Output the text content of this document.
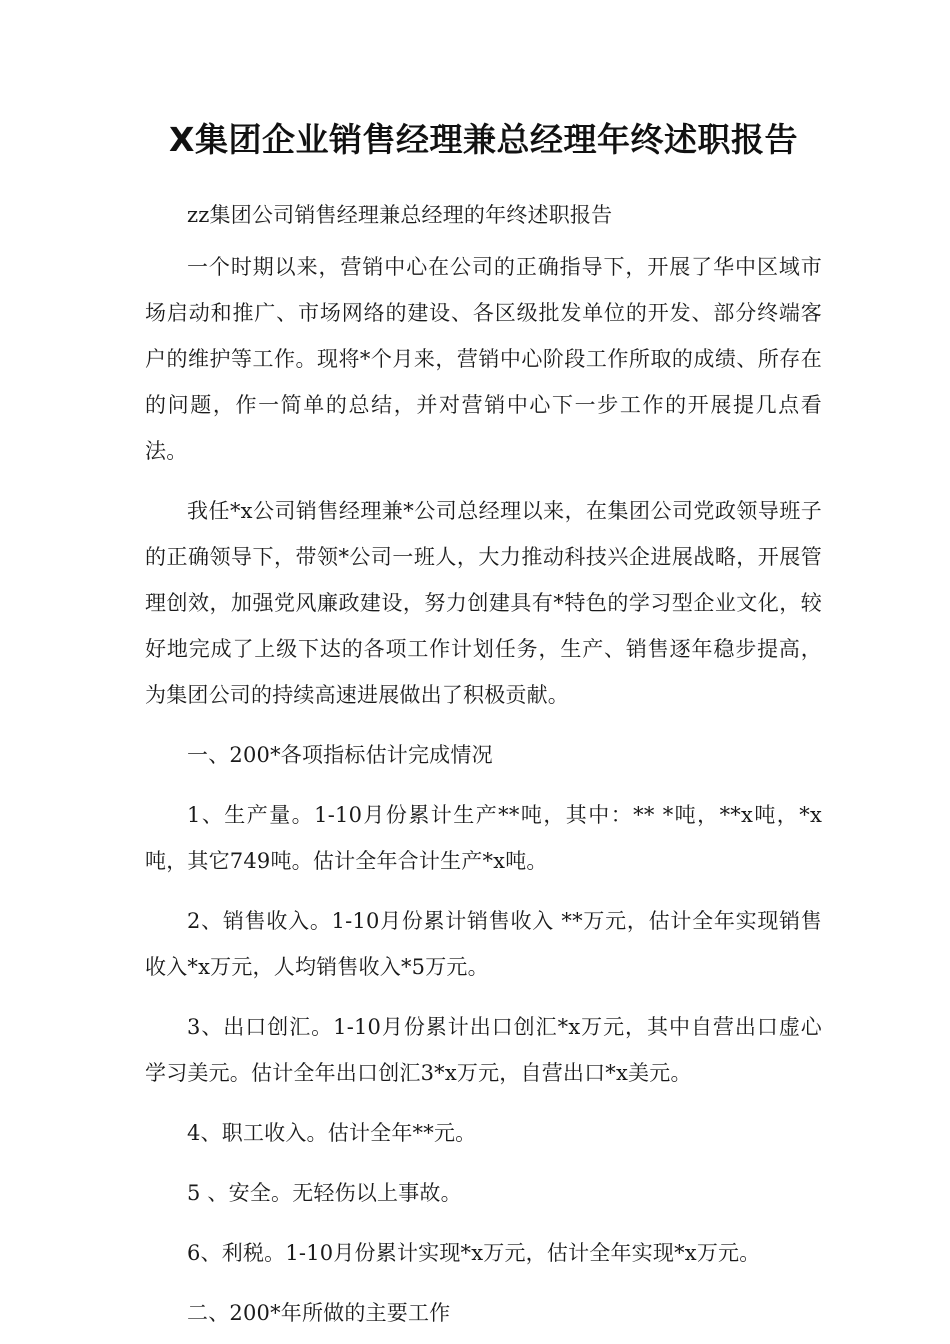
X集团企业销售经理兼总经理年终述职报告

zz集团公司销售经理兼总经理的年终述职报告

一个时期以来，营销中心在公司的正确指导下，开展了华中区域市场启动和推广、市场网络的建设、各区级批发单位的开发、部分终端客户的维护等工作。现将*个月来，营销中心阶段工作所取的成绩、所存在的问题，作一简单的总结，并对营销中心下一步工作的开展提几点看法。

我任*x公司销售经理兼*公司总经理以来，在集团公司党政领导班子的正确领导下，带领*公司一班人，大力推动科技兴企进展战略，开展管理创效，加强党风廉政建设，努力创建具有*特色的学习型企业文化，较好地完成了上级下达的各项工作计划任务，生产、销售逐年稳步提高，为集团公司的持续高速进展做出了积极贡献。

一、200*各项指标估计完成情况

1、生产量。1-10月份累计生产**吨，其中：** *吨，**x吨，*x吨，其它749吨。估计全年合计生产*x吨。

2、销售收入。1-10月份累计销售收入 **万元，估计全年实现销售收入*x万元，人均销售收入*5万元。

3、出口创汇。1-10月份累计出口创汇*x万元，其中自营出口虚心学习美元。估计全年出口创汇3*x万元，自营出口*x美元。

4、职工收入。估计全年**元。

5 、安全。无轻伤以上事故。

6、利税。1-10月份累计实现*x万元，估计全年实现*x万元。

二、200*年所做的主要工作
